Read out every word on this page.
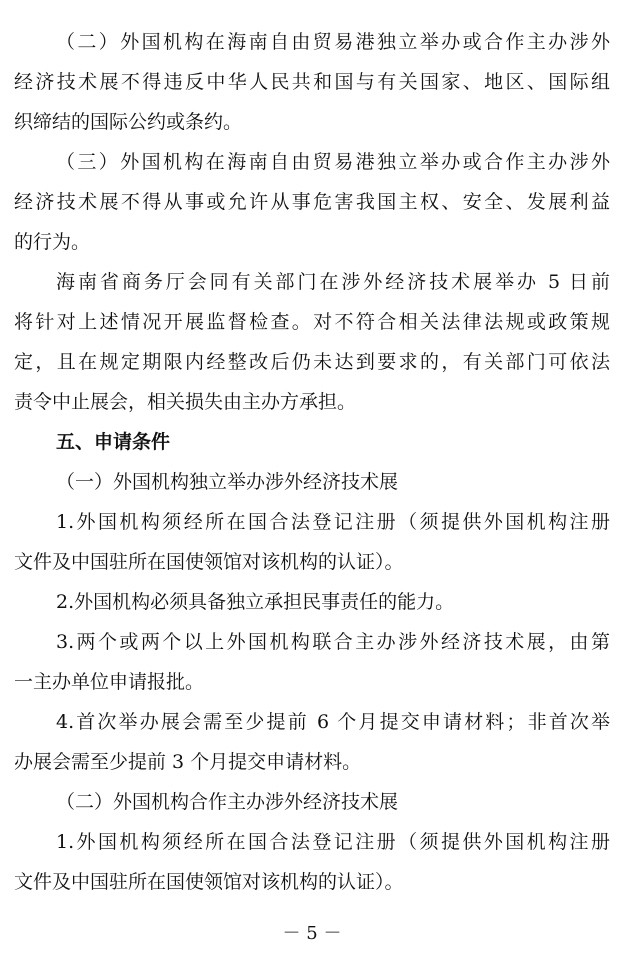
（二）外国机构在海南自由贸易港独立举办或合作主办涉外
经济技术展不得违反中华人民共和国与有关国家、地区、国际组
织缔结的国际公约或条约。
（三）外国机构在海南自由贸易港独立举办或合作主办涉外
经济技术展不得从事或允许从事危害我国主权、安全、发展利益
的行为。
海南省商务厅会同有关部门在涉外经济技术展举办 5 日前
将针对上述情况开展监督检查。对不符合相关法律法规或政策规
定，且在规定期限内经整改后仍未达到要求的，有关部门可依法
责令中止展会，相关损失由主办方承担。
五、申请条件
（一）外国机构独立举办涉外经济技术展
1.外国机构须经所在国合法登记注册（须提供外国机构注册
文件及中国驻所在国使领馆对该机构的认证）。
2.外国机构必须具备独立承担民事责任的能力。
3.两个或两个以上外国机构联合主办涉外经济技术展，由第
一主办单位申请报批。
4.首次举办展会需至少提前 6 个月提交申请材料；非首次举
办展会需至少提前 3 个月提交申请材料。
（二）外国机构合作主办涉外经济技术展
1.外国机构须经所在国合法登记注册（须提供外国机构注册
文件及中国驻所在国使领馆对该机构的认证）。
－ 5 －
